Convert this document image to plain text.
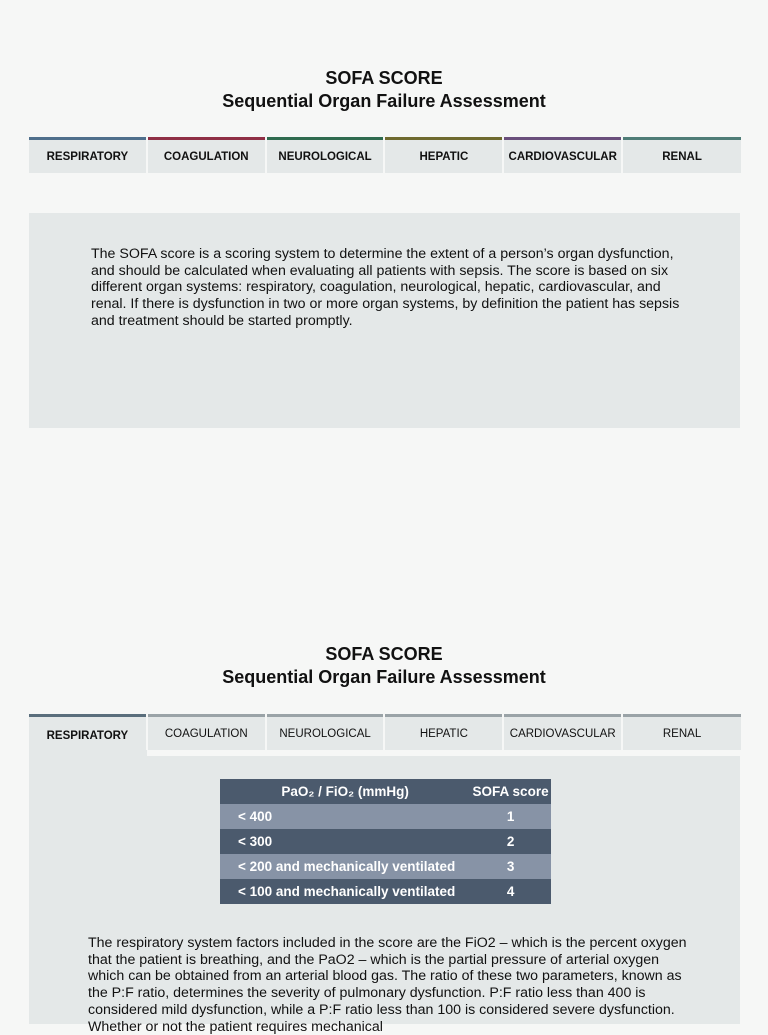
SOFA SCORE
Sequential Organ Failure Assessment
RESPIRATORY	COAGULATION	NEUROLOGICAL	HEPATIC	CARDIOVASCULAR	RENAL

The SOFA score is a scoring system to determine the extent of a person’s organ dysfunction, and should be calculated when evaluating all patients with sepsis. The score is based on six different organ systems: respiratory, coagulation, neurological, hepatic, cardiovascular, and renal. If there is dysfunction in two or more organ systems, by definition the patient has sepsis and treatment should be started promptly.

SOFA SCORE
Sequential Organ Failure Assessment
RESPIRATORY	COAGULATION	NEUROLOGICAL	HEPATIC	CARDIOVASCULAR	RENAL
PaO₂ / FiO₂ (mmHg)	SOFA score
< 400	1
< 300	2
< 200 and mechanically ventilated	3
< 100 and mechanically ventilated	4

The respiratory system factors included in the score are the FiO2 – which is the percent oxygen that the patient is breathing, and the PaO2 – which is the partial pressure of arterial oxygen which can be obtained from an arterial blood gas. The ratio of these two parameters, known as the P:F ratio, determines the severity of pulmonary dysfunction. P:F ratio less than 400 is considered mild dysfunction, while a P:F ratio less than 100 is considered severe dysfunction. Whether or not the patient requires mechanical
